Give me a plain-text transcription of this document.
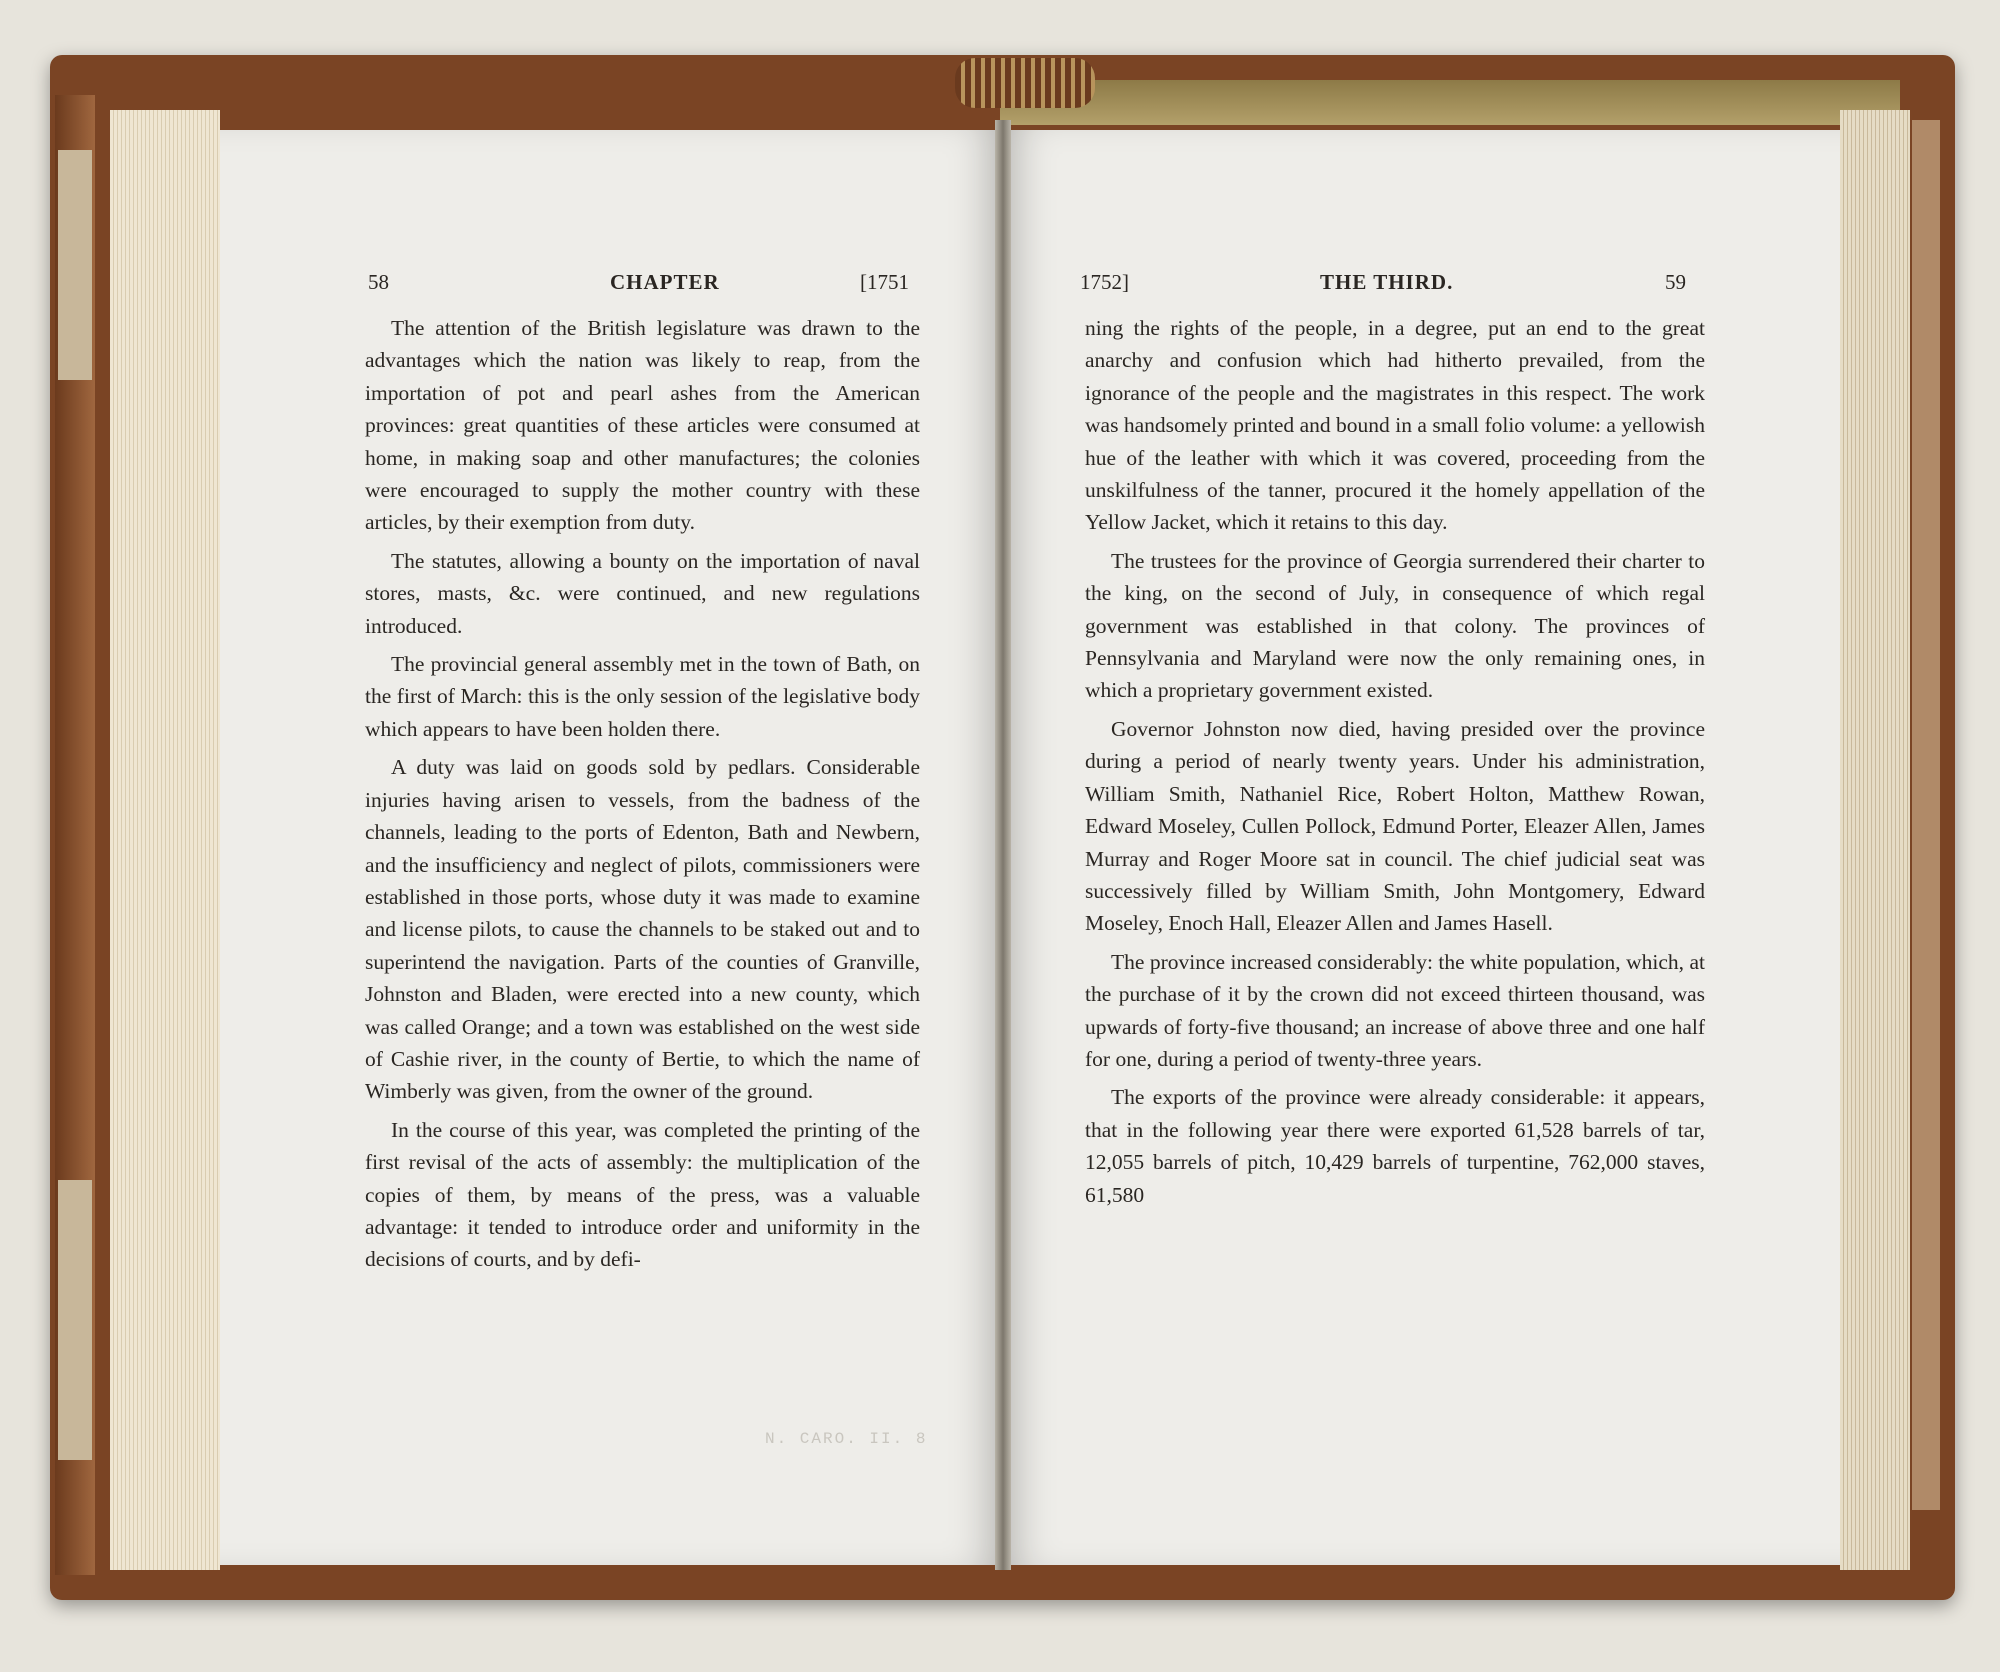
58	CHAPTER	[1751

The attention of the British legislature was drawn to the advantages which the nation was likely to reap, from the importation of pot and pearl ashes from the American provinces: great quantities of these articles were consumed at home, in making soap and other manufactures; the colonies were encouraged to supply the mother country with these articles, by their exemption from duty.

The statutes, allowing a bounty on the importation of naval stores, masts, &c. were continued, and new regulations introduced.

The provincial general assembly met in the town of Bath, on the first of March: this is the only session of the legislative body which appears to have been holden there.

A duty was laid on goods sold by pedlars. Considerable injuries having arisen to vessels, from the badness of the channels, leading to the ports of Edenton, Bath and Newbern, and the insufficiency and neglect of pilots, commissioners were established in those ports, whose duty it was made to examine and license pilots, to cause the channels to be staked out and to superintend the navigation. Parts of the counties of Granville, Johnston and Bladen, were erected into a new county, which was called Orange; and a town was established on the west side of Cashie river, in the county of Bertie, to which the name of Wimberly was given, from the owner of the ground.

In the course of this year, was completed the printing of the first revisal of the acts of assembly: the multiplication of the copies of them, by means of the press, was a valuable advantage: it tended to introduce order and uniformity in the decisions of courts, and by defi-

N. CARO. II. 8
1752]	THE THIRD.	59

ning the rights of the people, in a degree, put an end to the great anarchy and confusion which had hitherto prevailed, from the ignorance of the people and the magistrates in this respect. The work was handsomely printed and bound in a small folio volume: a yellowish hue of the leather with which it was covered, proceeding from the unskilfulness of the tanner, procured it the homely appellation of the Yellow Jacket, which it retains to this day.

The trustees for the province of Georgia surrendered their charter to the king, on the second of July, in consequence of which regal government was established in that colony. The provinces of Pennsylvania and Maryland were now the only remaining ones, in which a proprietary government existed.

Governor Johnston now died, having presided over the province during a period of nearly twenty years. Under his administration, William Smith, Nathaniel Rice, Robert Holton, Matthew Rowan, Edward Moseley, Cullen Pollock, Edmund Porter, Eleazer Allen, James Murray and Roger Moore sat in council. The chief judicial seat was successively filled by William Smith, John Montgomery, Edward Moseley, Enoch Hall, Eleazer Allen and James Hasell.

The province increased considerably: the white population, which, at the purchase of it by the crown did not exceed thirteen thousand, was upwards of forty-five thousand; an increase of above three and one half for one, during a period of twenty-three years.

The exports of the province were already considerable: it appears, that in the following year there were exported 61,528 barrels of tar, 12,055 barrels of pitch, 10,429 barrels of turpentine, 762,000 staves, 61,580
